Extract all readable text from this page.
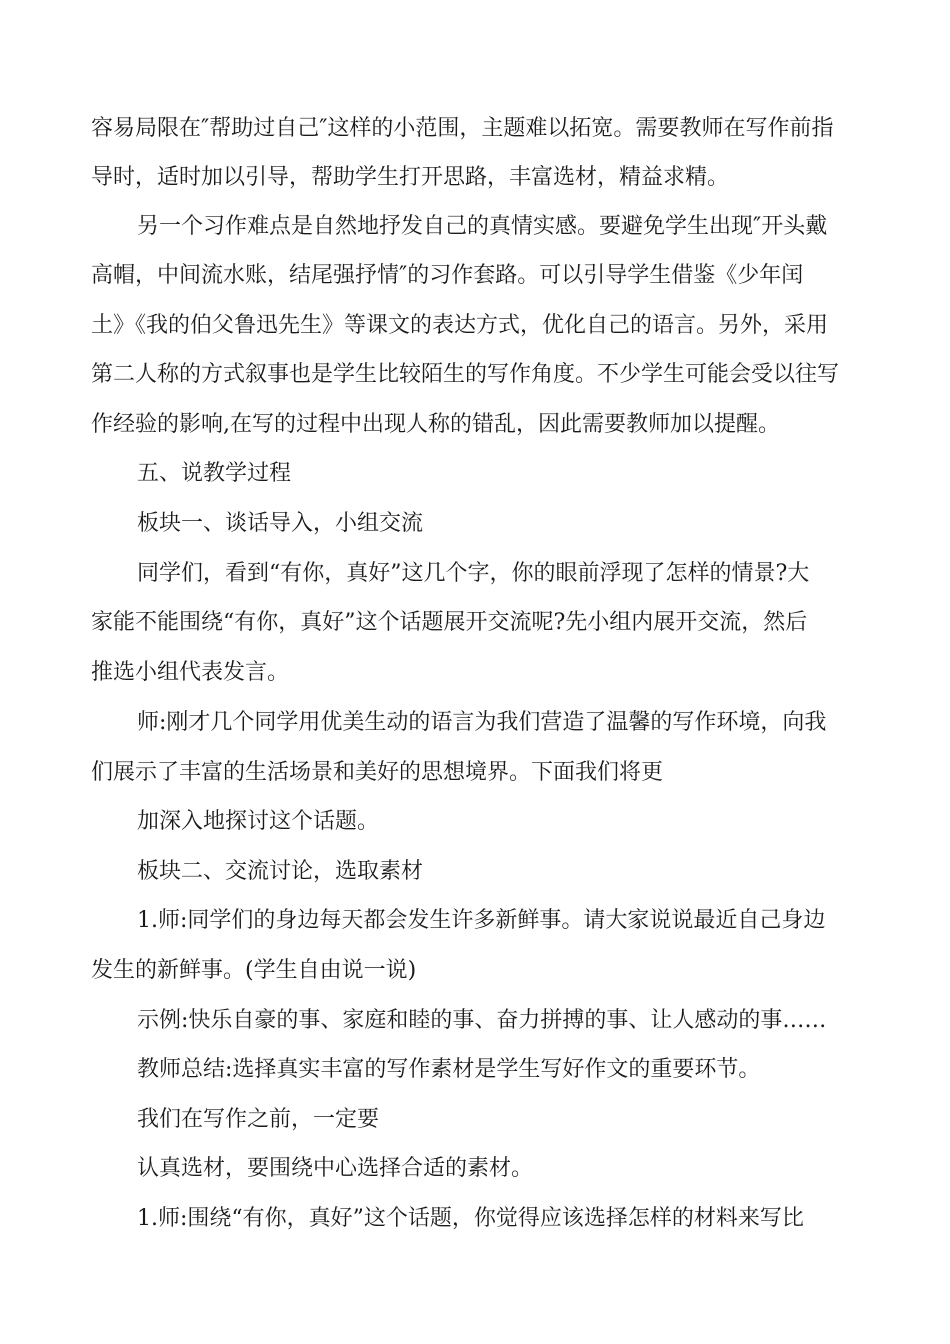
容易局限在″帮助过自己″这样的小范围，主题难以拓宽。需要教师在写作前指
导时，适时加以引导，帮助学生打开思路，丰富选材，精益求精。
另一个习作难点是自然地抒发自己的真情实感。要避免学生出现″开头戴
高帽，中间流水账，结尾强抒情″的习作套路。可以引导学生借鉴《少年闰
土》《我的伯父鲁迅先生》等课文的表达方式，优化自己的语言。另外，采用
第二人称的方式叙事也是学生比较陌生的写作角度。不少学生可能会受以往写
作经验的影响,在写的过程中出现人称的错乱，因此需要教师加以提醒。
五、说教学过程
板块一、谈话导入，小组交流
同学们，看到“有你，真好”这几个字，你的眼前浮现了怎样的情景?大
家能不能围绕“有你，真好”这个话题展开交流呢?先小组内展开交流，然后
推选小组代表发言。
师:刚才几个同学用优美生动的语言为我们营造了温馨的写作环境，向我
们展示了丰富的生活场景和美好的思想境界。下面我们将更
加深入地探讨这个话题。
板块二、交流讨论，选取素材
1.师:同学们的身边每天都会发生许多新鲜事。请大家说说最近自己身边
发生的新鲜事。(学生自由说一说)
示例:快乐自豪的事、家庭和睦的事、奋力拼搏的事、让人感动的事……
教师总结:选择真实丰富的写作素材是学生写好作文的重要环节。
我们在写作之前，一定要
认真选材，要围绕中心选择合适的素材。
1.师:围绕“有你，真好”这个话题，你觉得应该选择怎样的材料来写比
